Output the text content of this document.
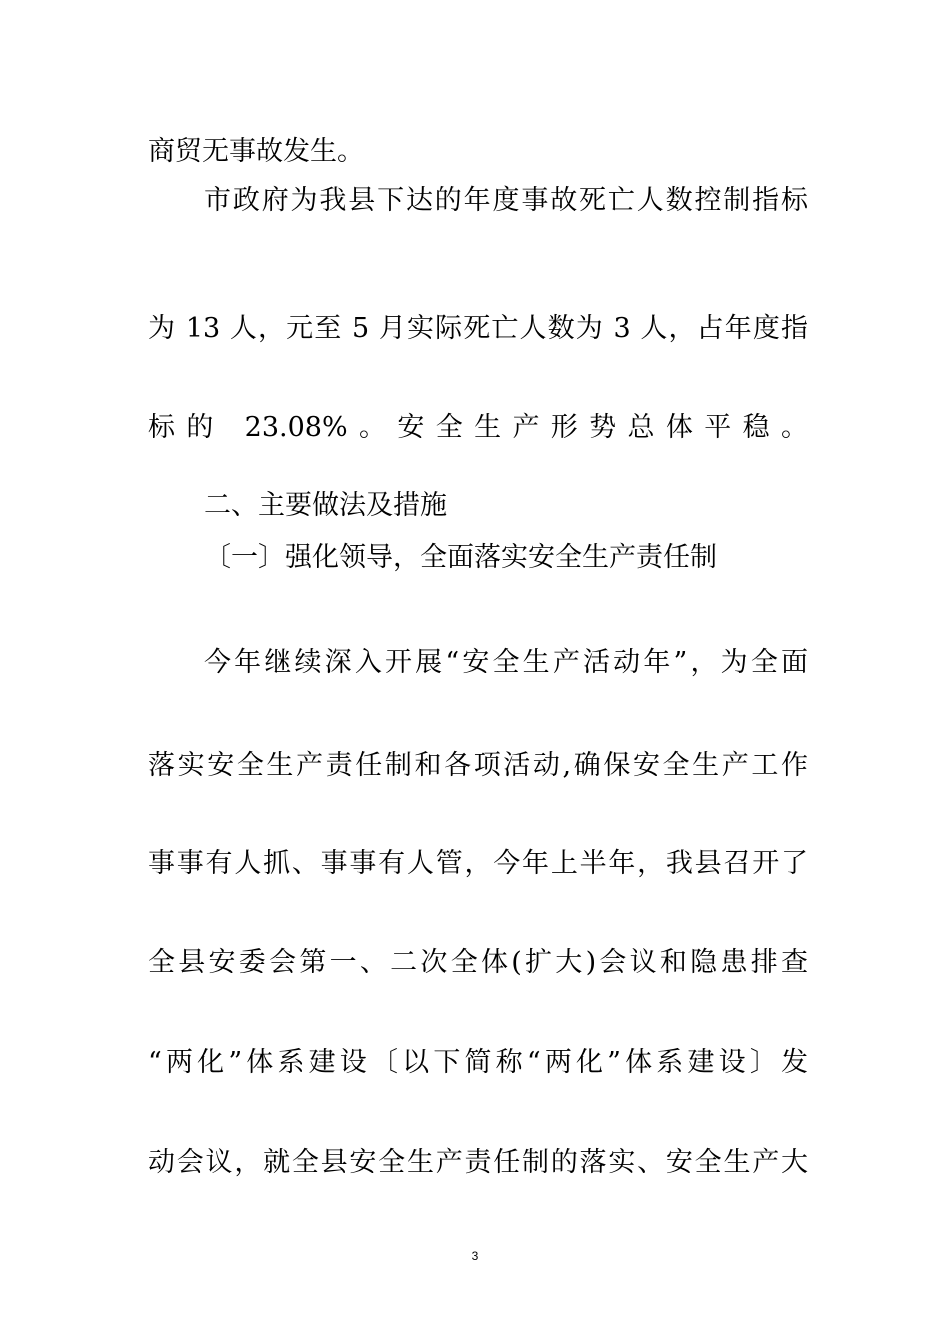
商贸无事故发生。
市政府为我县下达的年度事故死亡人数控制指标
为 13 人，元至 5 月实际死亡人数为 3 人，占年度指
标的 23.08%。安全生产形势总体平稳。
二、主要做法及措施
〔一〕强化领导，全面落实安全生产责任制
今年继续深入开展“安全生产活动年”，为全面
落实安全生产责任制和各项活动,确保安全生产工作
事事有人抓、事事有人管，今年上半年，我县召开了
全县安委会第一、二次全体(扩大)会议和隐患排查
“两化”体系建设〔以下简称“两化”体系建设〕发
动会议，就全县安全生产责任制的落实、安全生产大
3
